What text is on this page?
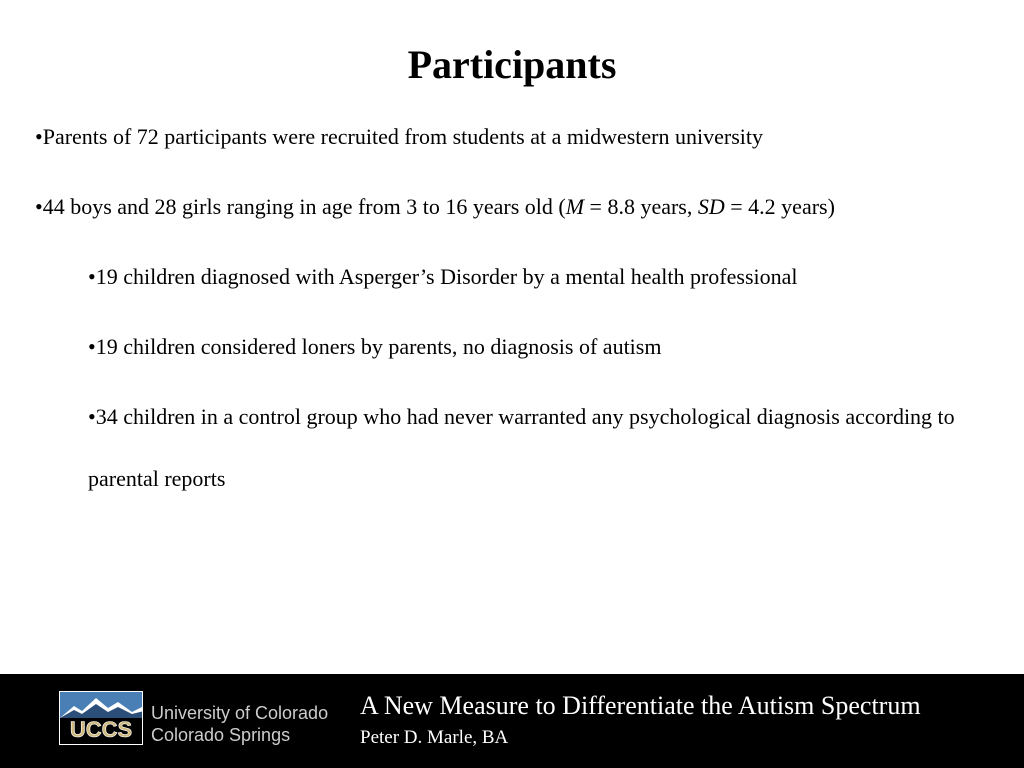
Participants
•Parents of 72 participants were recruited from students at a midwestern university
•44 boys and 28 girls ranging in age from 3 to 16 years old (M = 8.8 years, SD = 4.2 years)
•19 children diagnosed with Asperger’s Disorder by a mental health professional
•19 children considered loners by parents, no diagnosis of autism
•34 children in a control group who had never warranted any psychological diagnosis according to parental reports
UCCS
University of Colorado
Colorado Springs
A New Measure to Differentiate the Autism Spectrum
Peter D. Marle, BA
